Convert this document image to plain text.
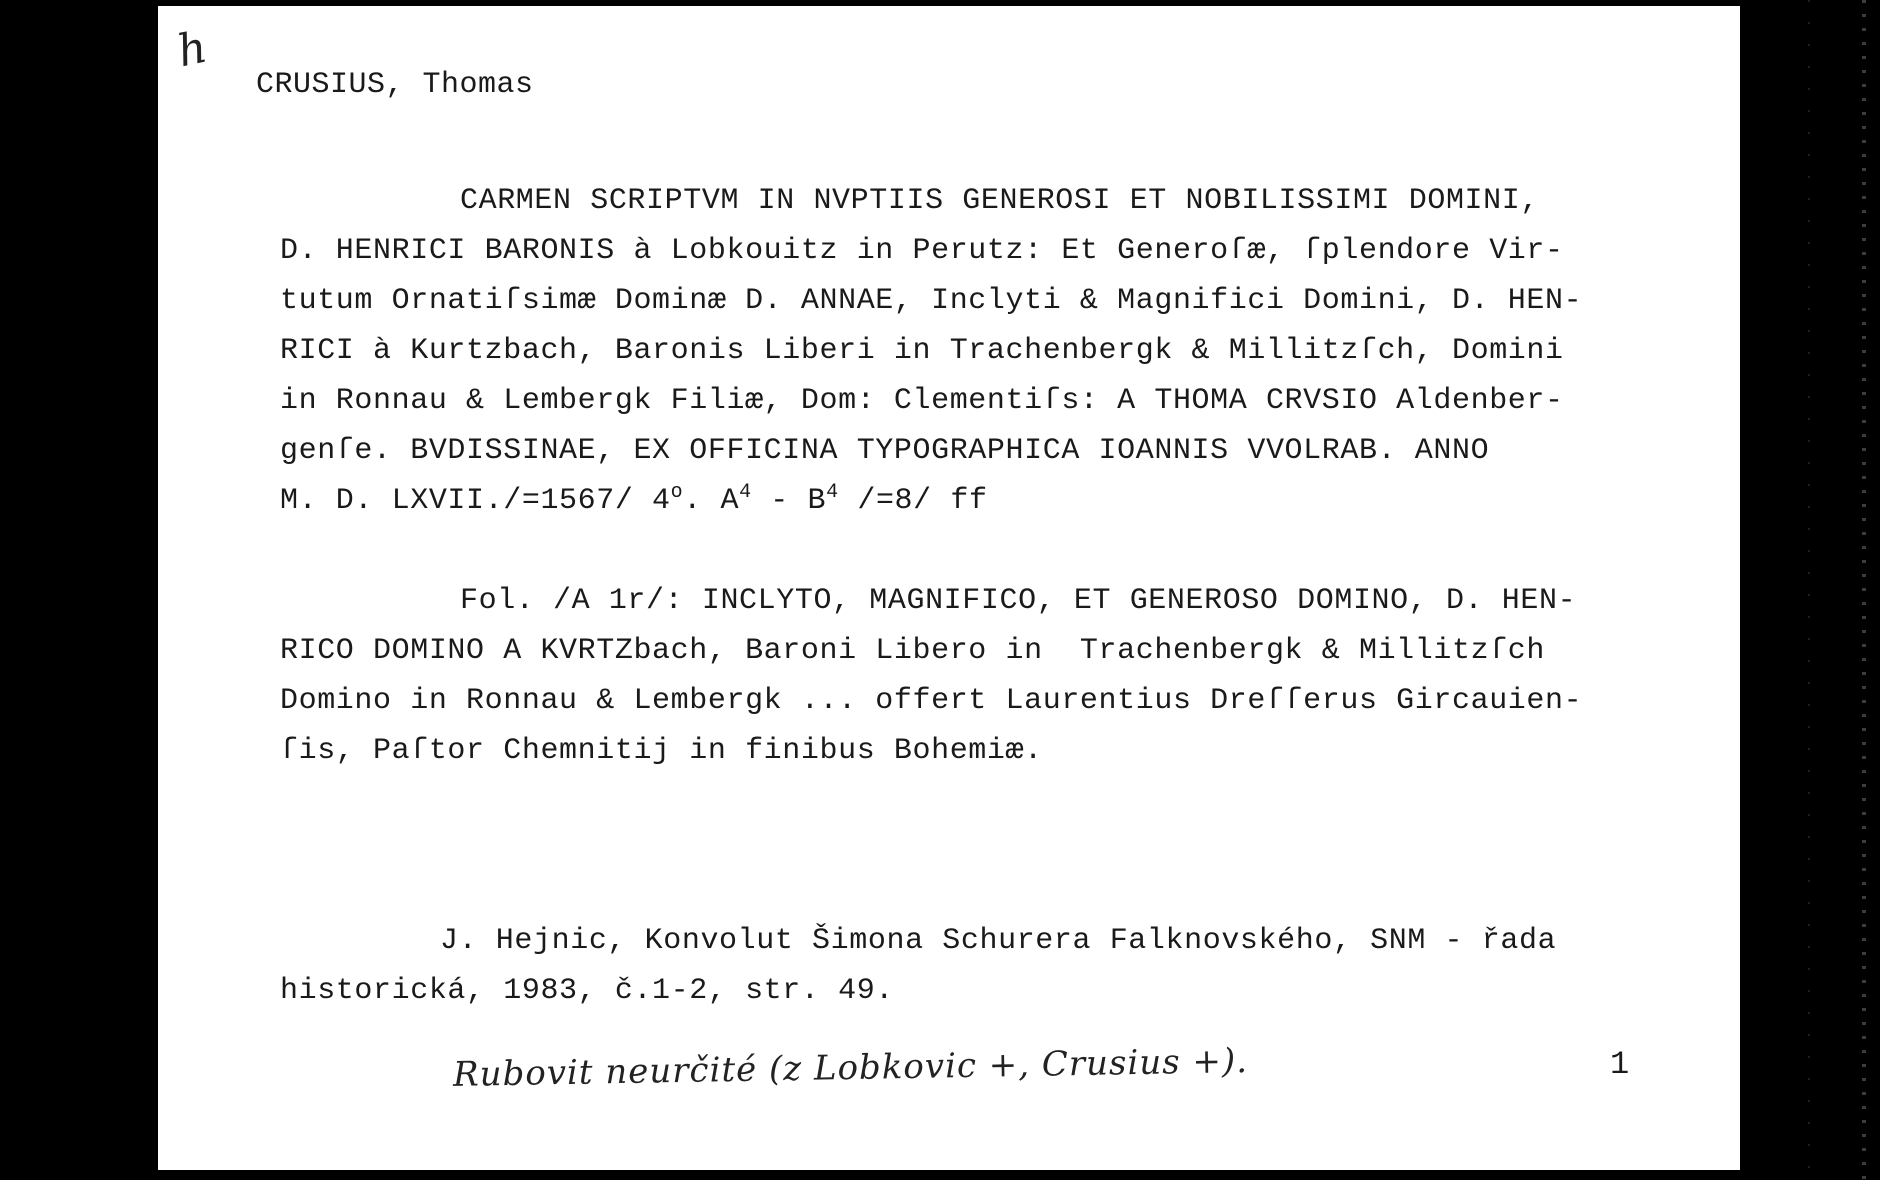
h
CRUSIUS, Thomas
CARMEN SCRIPTVM IN NVPTIIS GENEROSI ET NOBILISSIMI DOMINI,
D. HENRICI BARONIS à Lobkouitz in Perutz: Et Generoſæ, ſplendore Vir-
tutum Ornatiſsimæ Dominæ D. ANNAE, Inclyti & Magnifici Domini, D. HEN-
RICI à Kurtzbach, Baronis Liberi in Trachenbergk & Millitzſch, Domini
in Ronnau & Lembergk Filiæ, Dom: Clementiſs: A THOMA CRVSIO Aldenber-
genſe. BVDISSINAE, EX OFFICINA TYPOGRAPHICA IOANNIS VVOLRAB. ANNO
M. D. LXVII./=1567/ 4$^o$. $A^4 - B^4$ /=8/ ff
Fol. /A 1r/: INCLYTO, MAGNIFICO, ET GENEROSO DOMINO, D. HEN-
RICO DOMINO A KVRTZbach, Baroni Libero in  Trachenbergk & Millitzſch
Domino in Ronnau & Lembergk ... offert Laurentius Dreſſerus Gircauien-
ſis, Paſtor Chemnitij in finibus Bohemiæ.
J. Hejnic, Konvolut Šimona Schurera Falknovského, SNM - řada
historická, 1983, č.1-2, str. 49.
Rubovit neurčité (z Lobkovic +, Crusius +).	1
